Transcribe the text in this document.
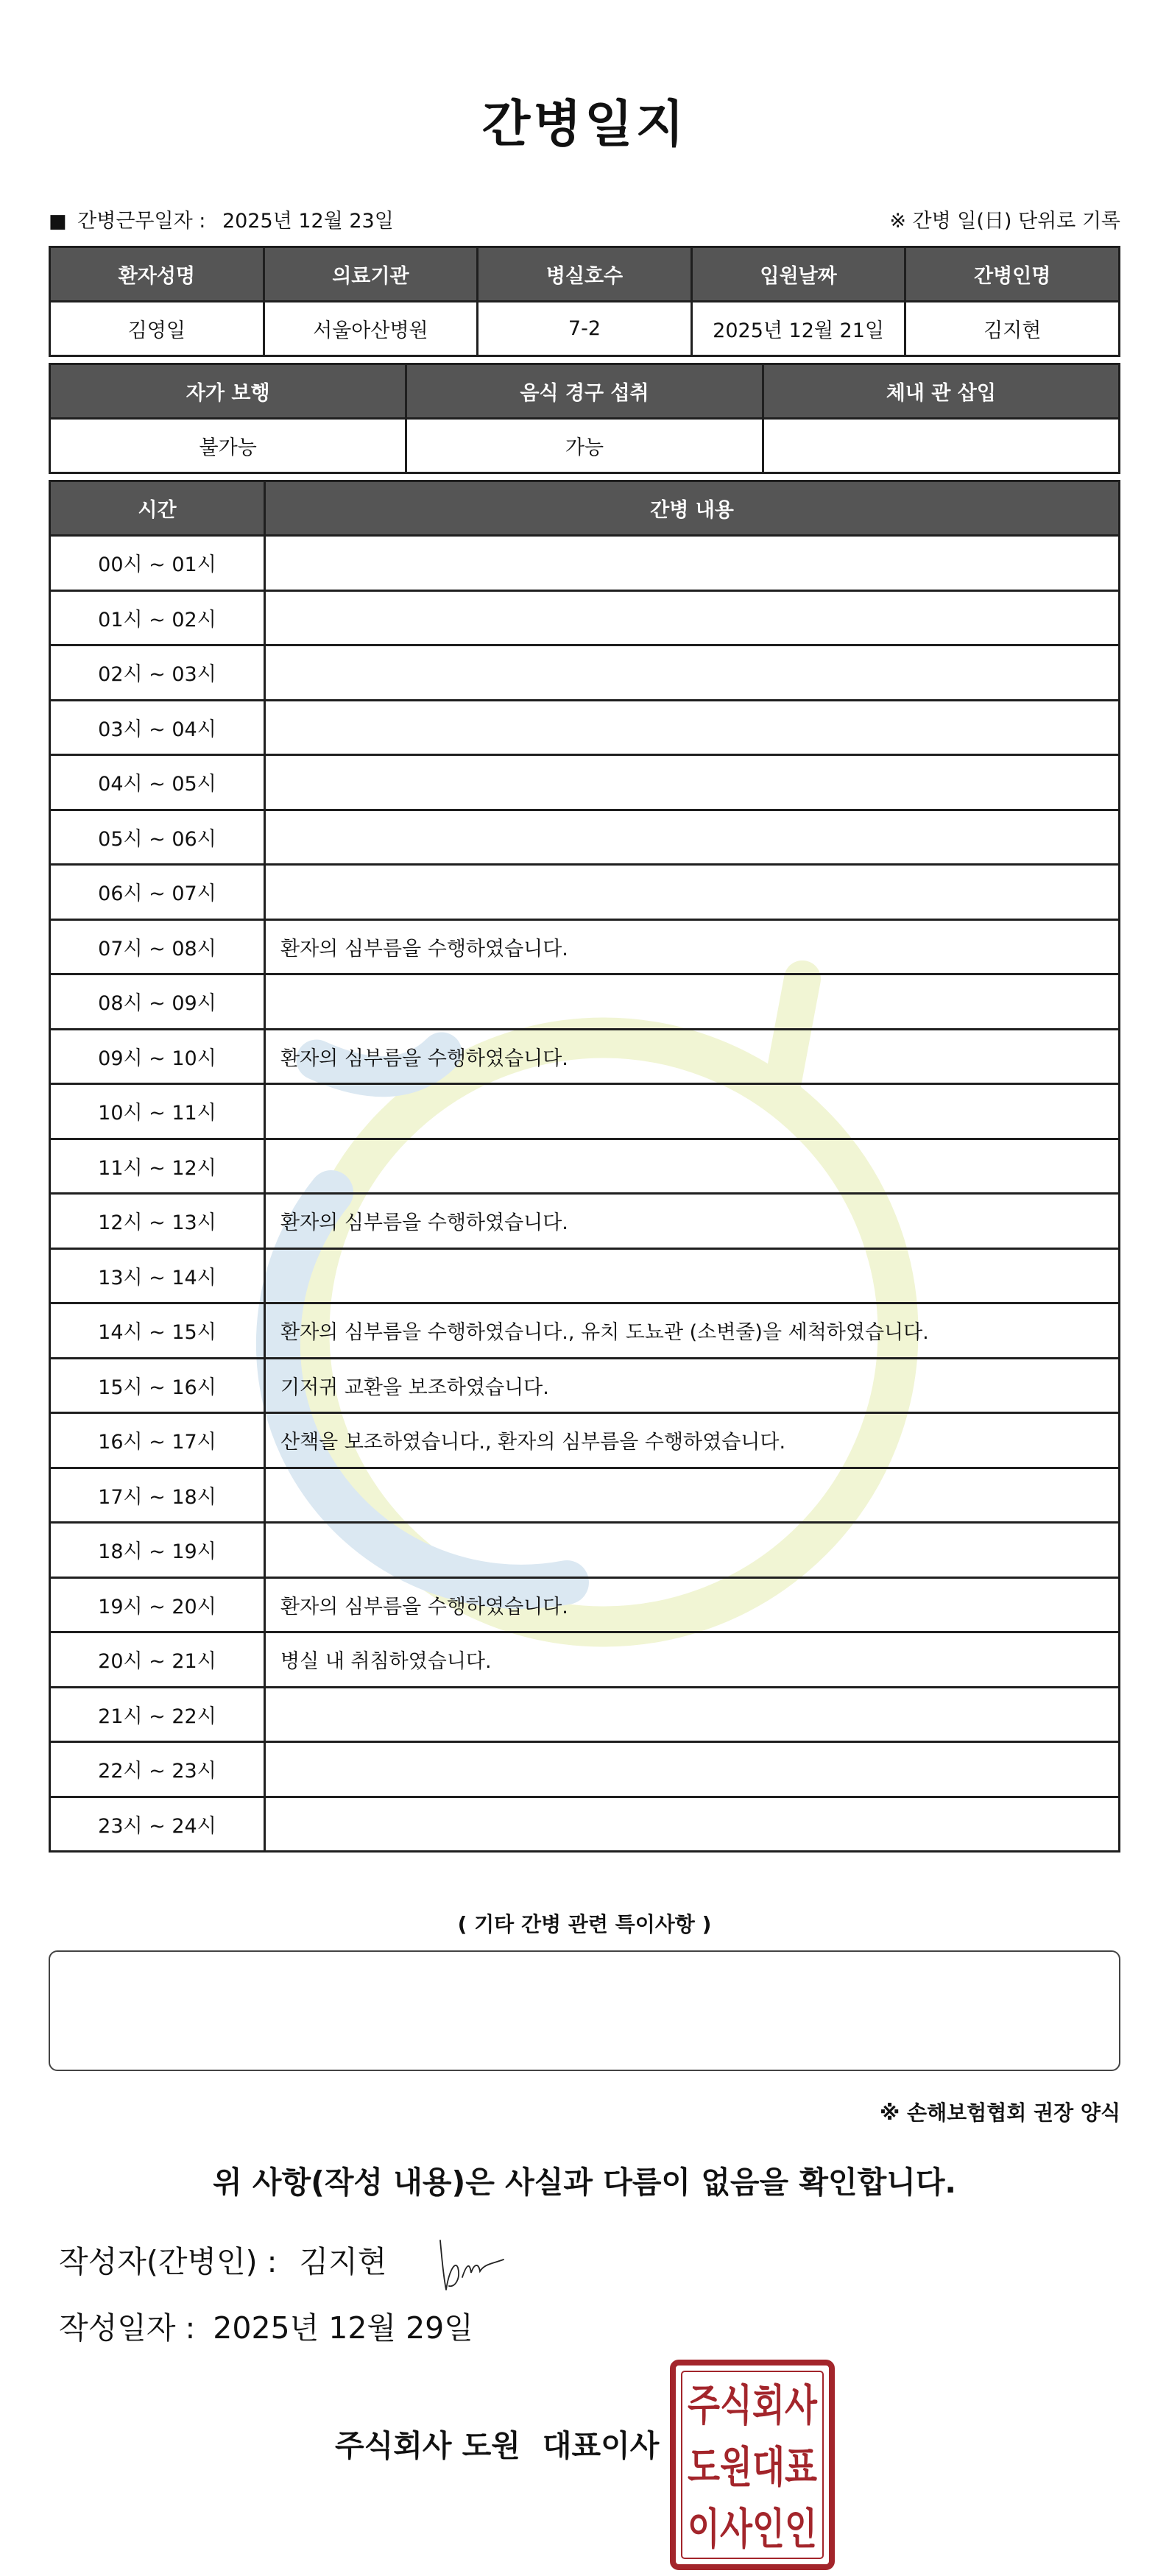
간병일지
■ 간병근무일자 : 2025년 12월 23일	※ 간병 일(日) 단위로 기록
환자성명	의료기관	병실호수	입원날짜	간병인명
김영일	서울아산병원	7-2	2025년 12월 21일	김지현
자가 보행	음식 경구 섭취	체내 관 삽입
불가능	가능	
시간	간병 내용
00시 ~ 01시	
01시 ~ 02시	
02시 ~ 03시	
03시 ~ 04시	
04시 ~ 05시	
05시 ~ 06시	
06시 ~ 07시	
07시 ~ 08시	환자의 심부름을 수행하였습니다.
08시 ~ 09시	
09시 ~ 10시	환자의 심부름을 수행하였습니다.
10시 ~ 11시	
11시 ~ 12시	
12시 ~ 13시	환자의 심부름을 수행하였습니다.
13시 ~ 14시	
14시 ~ 15시	환자의 심부름을 수행하였습니다., 유치 도뇨관 (소변줄)을 세척하였습니다.
15시 ~ 16시	기저귀 교환을 보조하였습니다.
16시 ~ 17시	산책을 보조하였습니다., 환자의 심부름을 수행하였습니다.
17시 ~ 18시	
18시 ~ 19시	
19시 ~ 20시	환자의 심부름을 수행하였습니다.
20시 ~ 21시	병실 내 취침하였습니다.
21시 ~ 22시	
22시 ~ 23시	
23시 ~ 24시	
( 기타 간병 관련 특이사항 )
※ 손해보험협회 권장 양식
위 사항(작성 내용)은 사실과 다름이 없음을 확인합니다.
작성자(간병인) : 김지현
작성일자 : 2025년 12월 29일
주식회사 도원 대표이사
주식회사
도원대표
이사인인
